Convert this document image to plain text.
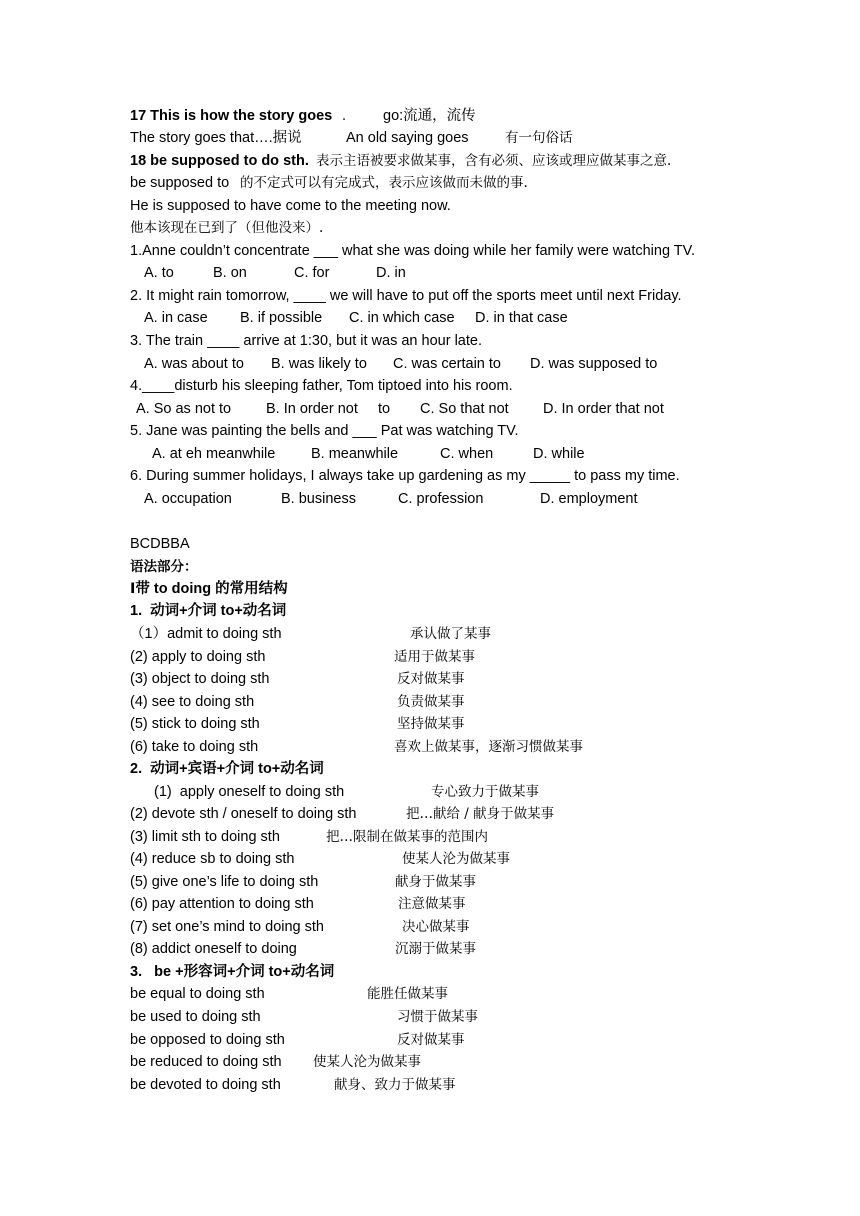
17 This is how the story goes .	go:流通，流传
The story goes that….据说	An old saying goes	有一句俗话
18 be supposed to do sth. 表示主语被要求做某事，含有必须、应该或理应做某事之意.
be supposed to 的不定式可以有完成式，表示应该做而未做的事.
He is supposed to have come to the meeting now.
他本该现在已到了（但他没来）.
1.Anne couldn’t concentrate ___ what she was doing while her family were watching TV.
A. to	B. on	C. for	D. in
2. It might rain tomorrow, ____ we will have to put off the sports meet until next Friday.
A. in case B. if possible C. in which case D. in that case
3. The train ____ arrive at 1:30, but it was an hour late.
A. was about to B. was likely to C. was certain to D. was supposed to
4.____disturb his sleeping father, Tom tiptoed into his room.
A. So as not to B. In order not to C. So that not D. In order that not
5. Jane was painting the bells and ___ Pat was watching TV.
A. at eh meanwhile B. meanwhile	C. when	D. while
6. During summer holidays, I always take up gardening as my _____ to pass my time.
A. occupation	B. business	C. profession	D. employment
BCDBBA
语法部分：
Ⅰ带 to doing 的常用结构
1.  动词+介词 to+动名词
（1）admit to doing sth	承认做了某事
(2) apply to doing sth	适用于做某事
(3) object to doing sth	反对做某事
(4) see to doing sth	负责做某事
(5) stick to doing sth	坚持做某事
(6) take to doing sth	喜欢上做某事，逐渐习惯做某事
2.  动词+宾语+介词 to+动名词
(1)  apply oneself to doing sth	专心致力于做某事
(2) devote sth / oneself to doing sth	把…献给 / 献身于做某事
(3) limit sth to doing sth	把…限制在做某事的范围内
(4) reduce sb to doing sth	使某人沦为做某事
(5) give one’s life to doing sth	献身于做某事
(6) pay attention to doing sth	注意做某事
(7) set one’s mind to doing sth	决心做某事
(8) addict oneself to doing	沉溺于做某事
3.   be +形容词+介词 to+动名词
be equal to doing sth	能胜任做某事
be used to doing sth	习惯于做某事
be opposed to doing sth	反对做某事
be reduced to doing sth 使某人沦为做某事
be devoted to doing sth	献身、致力于做某事
